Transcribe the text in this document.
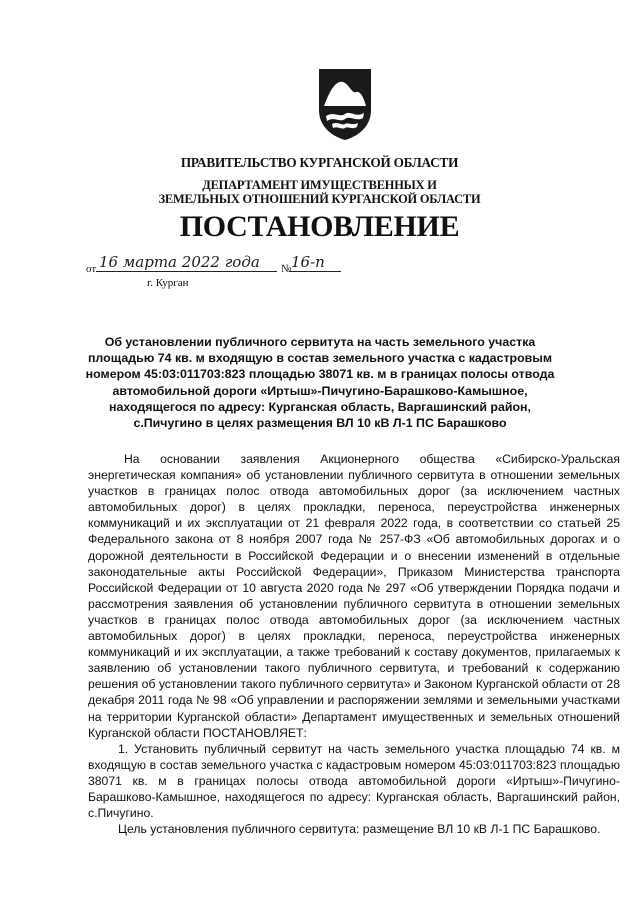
ПРАВИТЕЛЬСТВО КУРГАНСКОЙ ОБЛАСТИ
ДЕПАРТАМЕНТ ИМУЩЕСТВЕННЫХ И
ЗЕМЕЛЬНЫХ ОТНОШЕНИЙ КУРГАНСКОЙ ОБЛАСТИ
ПОСТАНОВЛЕНИЕ
от 16 марта 2022 года № 16-п
г. Курган

Об установлении публичного сервитута на часть земельного участка площадью 74 кв. м входящую в состав земельного участка с кадастровым номером 45:03:011703:823 площадью 38071 кв. м в границах полосы отвода автомобильной дороги «Иртыш»-Пичугино-Барашково-Камышное, находящегося по адресу: Курганская область, Варгашинский район, с.Пичугино в целях размещения ВЛ 10 кВ Л-1 ПС Барашково

На основании заявления Акционерного общества «Сибирско-Уральская энергетическая компания» об установлении публичного сервитута в отношении земельных участков в границах полос отвода автомобильных дорог (за исключением частных автомобильных дорог) в целях прокладки, переноса, переустройства инженерных коммуникаций и их эксплуатации от 21 февраля 2022 года, в соответствии со статьей 25 Федерального закона от 8 ноября 2007 года № 257-ФЗ «Об автомобильных дорогах и о дорожной деятельности в Российской Федерации и о внесении изменений в отдельные законодательные акты Российской Федерации», Приказом Министерства транспорта Российской Федерации от 10 августа 2020 года № 297 «Об утверждении Порядка подачи и рассмотрения заявления об установлении публичного сервитута в отношении земельных участков в границах полос отвода автомобильных дорог (за исключением частных автомобильных дорог) в целях прокладки, переноса, переустройства инженерных коммуникаций и их эксплуатации, а также требований к составу документов, прилагаемых к заявлению об установлении такого публичного сервитута, и требований к содержанию решения об установлении такого публичного сервитута» и Законом Курганской области от 28 декабря 2011 года № 98 «Об управлении и распоряжении землями и земельными участками на территории Курганской области» Департамент имущественных и земельных отношений Курганской области ПОСТАНОВЛЯЕТ:

1. Установить публичный сервитут на часть земельного участка площадью 74 кв. м входящую в состав земельного участка с кадастровым номером 45:03:011703:823 площадью 38071 кв. м в границах полосы отвода автомобильной дороги «Иртыш»-Пичугино-Барашково-Камышное, находящегося по адресу: Курганская область, Варгашинский район, с.Пичугино.

Цель установления публичного сервитута: размещение ВЛ 10 кВ Л-1 ПС Барашково.
